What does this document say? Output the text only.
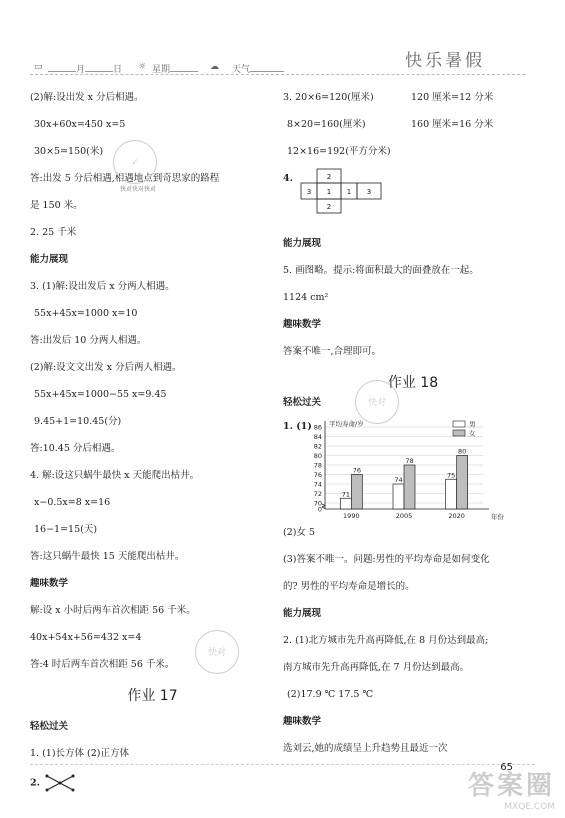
▭	月	日 ☼ 星期	☁ 天气	快乐暑假
(2)解:设出发 x 分后相遇。
30x+60x=450 x=5
30×5=150(米)
答:出发 5 分后相遇,相遇地点到奇思家的路程
是 150 米。
2. 25 千米
能力展现
3. (1)解:设出发后 x 分两人相遇。
55x+45x=1000 x=10
答:出发后 10 分两人相遇。
(2)解:设文文出发 x 分后两人相遇。
55x+45x=1000−55 x=9.45
9.45+1=10.45(分)
答:10.45 分后相遇。
4. 解:设这只蜗牛最快 x 天能爬出枯井。
x−0.5x=8 x=16
16−1=15(天)
答:这只蜗牛最快 15 天能爬出枯井。
趣味数学
解:设 x 小时后两车首次相距 56 千米。
40x+54x+56=432 x=4
答:4 时后两车首次相距 56 千米。
作业 17
轻松过关
1. (1)长方体 (2)正方体
2.
✓
快对快对快对
快对
快对
3. 20×6=120(厘米)	120 厘米=12 分米
8×20=160(厘米)	160 厘米=16 分米
12×16=192(平方分米)
4.	2
3 1 1 3
2
能力展现
5. 画图略。提示:将面积最大的面叠放在一起。
1124 cm²
趣味数学
答案不唯一,合理即可。
作业 18
轻松过关
1. (1)
70
72
74
76
78
80
82
84
86
0
平均寿命/岁
年份
71
76
1990
74
78
2005
75
80
2020
男
女
(2)女 5
(3)答案不唯一。问题:男性的平均寿命是如何变化
的? 男性的平均寿命是增长的。
能力展现
2. (1)北方城市先升高再降低,在 8 月份达到最高;
南方城市先升高再降低,在 7 月份达到最高。
(2)17.9 ℃ 17.5 ℃
趣味数学
选刘云,她的成绩呈上升趋势且最近一次
65
答案圈
MXQE.COM
